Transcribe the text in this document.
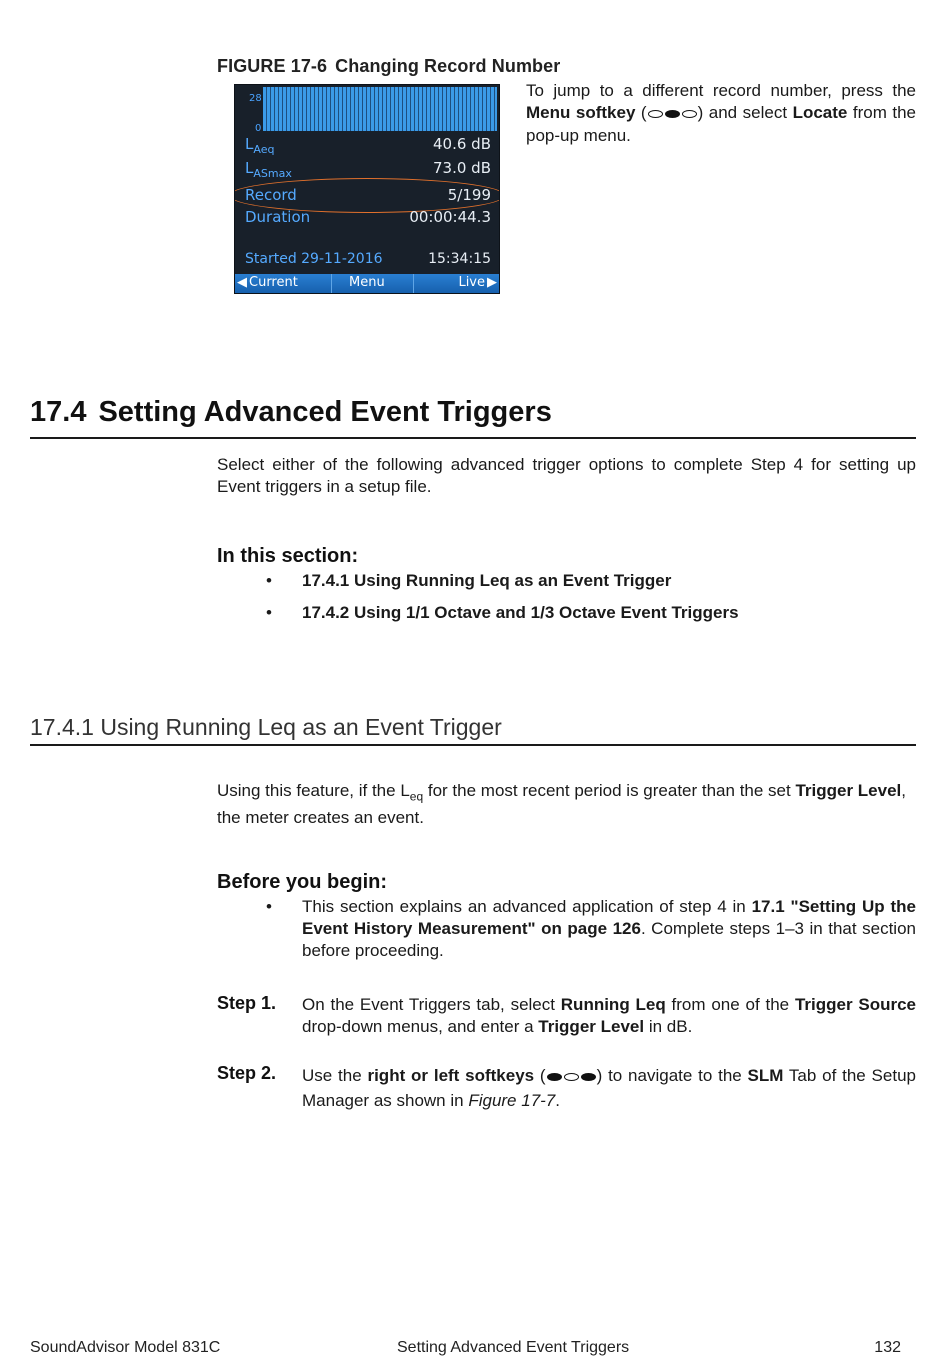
FIGURE 17-6 Changing Record Number
28
0
$L_{Aeq}$	40.6 dB
$L_{ASmax}$	73.0 dB
Record	5/199
Duration	00:00:44.3
Started 29-11-2016	15:34:15
◀ Current	Menu	Live ▶
To jump to a different record number, press the Menu softkey (	) and select Locate from the pop-up menu.
17.4 Setting Advanced Event Triggers
Select either of the following advanced trigger options to complete Step 4 for setting up Event triggers in a setup file.
In this section:
• 17.4.1 Using Running Leq as an Event Trigger
• 17.4.2 Using 1/1 Octave and 1/3 Octave Event Triggers
17.4.1 Using Running Leq as an Event Trigger
Using this feature, if the $L_{eq}$ for the most recent period is greater than the set Trigger Level, the meter creates an event.
Before you begin:
• This section explains an advanced application of step 4 in 17.1 "Setting Up the Event History Measurement" on page 126. Complete steps 1–3 in that section before proceeding.
Step 1. On the Event Triggers tab, select Running Leq from one of the Trigger Source drop-down menus, and enter a Trigger Level in dB.
Step 2. Use the right or left softkeys (	) to navigate to the SLM Tab of the Setup Manager as shown in Figure 17-7.
SoundAdvisor Model 831C	Setting Advanced Event Triggers	132
